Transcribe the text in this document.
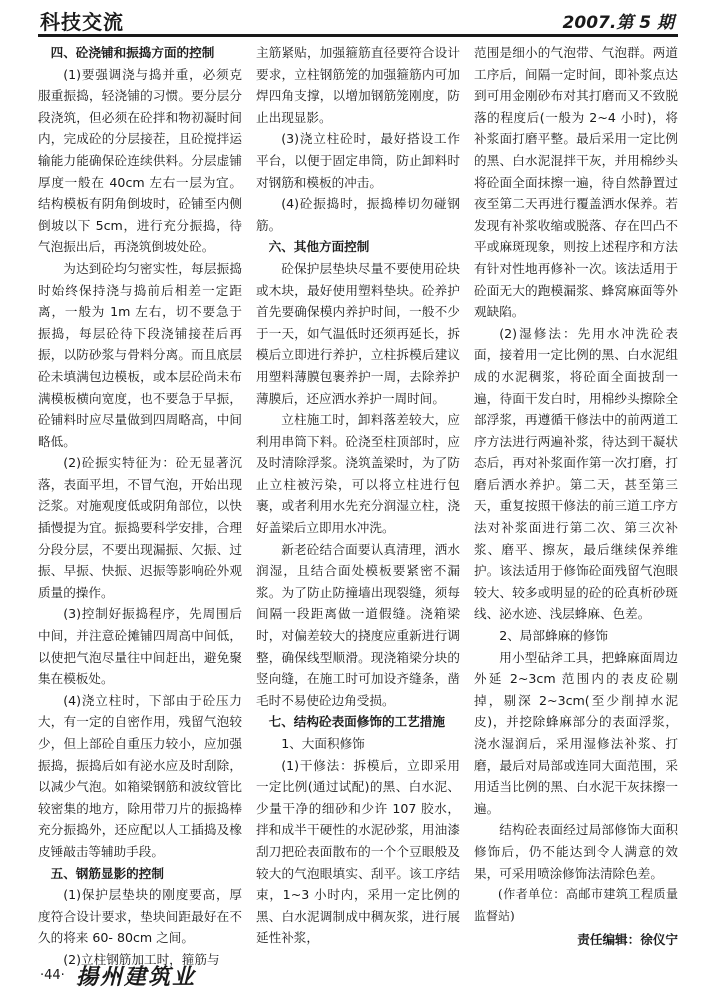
科技交流	2007.第 5 期
四、砼浇铺和振捣方面的控制

(1)要强调浇与捣并重，必须克服重振捣，轻浇铺的习惯。要分层分段浇筑，但必须在砼拌和物初凝时间内，完成砼的分层接茬，且砼搅拌运输能力能确保砼连续供料。分层虚铺厚度一般在 40cm 左右一层为宜。结构模板有阴角倒坡时，砼铺至内侧倒坡以下 5cm，进行充分振捣，待气泡振出后，再浇筑倒坡处砼。

为达到砼均匀密实性，每层振捣时始终保持浇与捣前后相差一定距离，一般为 1m 左右，切不要急于振捣，每层砼待下段浇铺接茬后再振，以防砂浆与骨料分离。而且底层砼未填满包边模板，或本层砼尚未布满模板横向宽度，也不要急于早振，砼铺料时应尽量做到四周略高，中间略低。

(2)砼振实特征为：砼无显著沉落，表面平坦，不冒气泡，开始出现泛浆。对施观度低或阴角部位，以快插慢提为宜。振捣要科学安排，合理分段分层，不要出现漏振、欠振、过振、早振、快振、迟振等影响砼外观质量的操作。

(3)控制好振捣程序，先周围后中间，并注意砼摊铺四周高中间低，以使把气泡尽量往中间赶出，避免聚集在模板处。

(4)浇立柱时，下部由于砼压力大，有一定的自密作用，残留气泡较少，但上部砼自重压力较小，应加强振捣，振捣后如有泌水应及时刮除，以减少气泡。如箱梁钢筋和波纹管比较密集的地方，除用带刀片的振捣棒充分振捣外，还应配以人工插捣及橡皮锤敲击等辅助手段。

五、钢筋显影的控制

(1)保护层垫块的刚度要高，厚度符合设计要求，垫块间距最好在不久的将来 60- 80cm 之间。

(2)立柱钢筋加工时，箍筋与

主筋紧贴，加强箍筋直径要符合设计要求，立柱钢筋笼的加强箍筋内可加焊四角支撑，以增加钢筋笼刚度，防止出现显影。

(3)浇立柱砼时，最好搭设工作平台，以便于固定串筒，防止卸料时对钢筋和模板的冲击。

(4)砼振捣时，振捣棒切勿碰钢筋。

六、其他方面控制

砼保护层垫块尽量不要使用砼块或木块，最好使用塑料垫块。砼养护首先要确保模内养护时间，一般不少于一天，如气温低时还须再延长，拆模后立即进行养护，立柱拆模后建议用塑料薄膜包裹养护一周，去除养护薄膜后，还应洒水养护一周时间。

立柱施工时，卸料落差较大，应利用串筒下料。砼浇至柱顶部时，应及时清除浮浆。浇筑盖梁时，为了防止立柱被污染，可以将立柱进行包裹，或者利用水先充分润湿立柱，浇好盖梁后立即用水冲洗。

新老砼结合面要认真清理，洒水润湿，且结合面处模板要紧密不漏浆。为了防止防撞墙出现裂缝，须每间隔一段距离做一道假缝。浇箱梁时，对偏差较大的挠度应重新进行调整，确保线型顺滑。现浇箱梁分块的竖向缝，在施工时可加设齐缝条，凿毛时不易使砼边角受损。

七、结构砼表面修饰的工艺措施

1、大面积修饰

(1)干修法：拆模后，立即采用一定比例(通过试配)的黑、白水泥、少量干净的细砂和少许 107 胶水，拌和成半干硬性的水泥砂浆，用油漆刮刀把砼表面散布的一个个豆眼般及较大的气泡眼填实、刮平。该工序结束，1~3 小时内，采用一定比例的黑、白水泥调制成中稠灰浆，进行展延性补浆，

范围是细小的气泡带、气泡群。两道工序后，间隔一定时间，即补浆点达到可用金刚砂布对其打磨而又不致脱落的程度后(一般为 2~4 小时)，将补浆面打磨平整。最后采用一定比例的黑、白水泥混拌干灰，并用棉纱头将砼面全面抹擦一遍，待自然静置过夜至第二天再进行覆盖洒水保养。若发现有补浆收缩或脱落、存在凹凸不平或麻斑现象，则按上述程序和方法有针对性地再修补一次。该法适用于砼面无大的跑模漏浆、蜂窝麻面等外观缺陷。

(2)湿修法：先用水冲洗砼表面，接着用一定比例的黑、白水泥组成的水泥稠浆，将砼面全面披刮一遍，待面干发白时，用棉纱头擦除全部浮浆，再遵循干修法中的前两道工序方法进行两遍补浆，待达到干凝状态后，再对补浆面作第一次打磨，打磨后洒水养护。第二天，甚至第三天，重复按照干修法的前三道工序方法对补浆面进行第二次、第三次补浆、磨平、擦灰，最后继续保养维护。该法适用于修饰砼面残留气泡眼较大、较多或明显的砼的砼真析砂斑线、泌水迹、浅层蜂麻、色差。

2、局部蜂麻的修饰

用小型砧斧工具，把蜂麻面周边外延 2~3cm 范围内的表皮砼剔掉，剔深 2~3cm(至少削掉水泥皮)，并挖除蜂麻部分的表面浮浆，浇水湿润后，采用湿修法补浆、打磨，最后对局部或连同大面范围，采用适当比例的黑、白水泥干灰抹擦一遍。

结构砼表面经过局部修饰大面积修饰后，仍不能达到令人满意的效果，可采用喷涂修饰法清除色差。

(作者单位：高邮市建筑工程质量监督站)

责任编辑：徐仪宁

·44· 揚州建筑业
